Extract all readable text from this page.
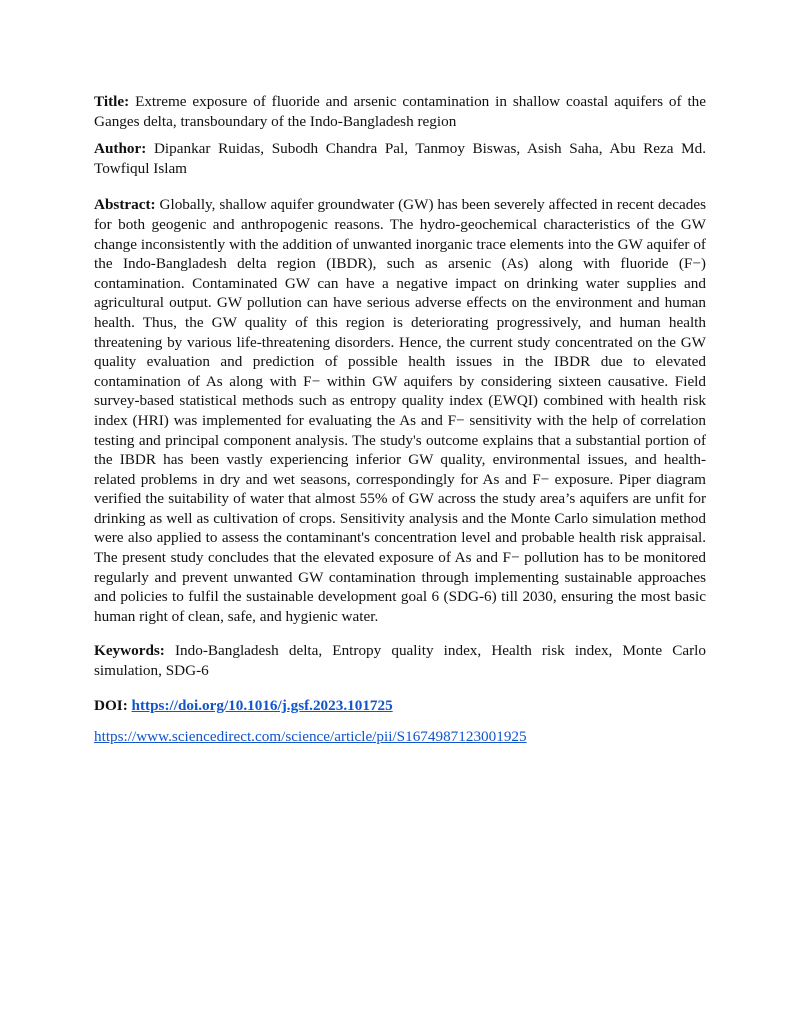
Title: Extreme exposure of fluoride and arsenic contamination in shallow coastal aquifers of the Ganges delta, transboundary of the Indo-Bangladesh region

Author: Dipankar Ruidas, Subodh Chandra Pal, Tanmoy Biswas, Asish Saha, Abu Reza Md. Towfiqul Islam

Abstract: Globally, shallow aquifer groundwater (GW) has been severely affected in recent decades for both geogenic and anthropogenic reasons. The hydro-geochemical characteristics of the GW change inconsistently with the addition of unwanted inorganic trace elements into the GW aquifer of the Indo-Bangladesh delta region (IBDR), such as arsenic (As) along with fluoride (F−) contamination. Contaminated GW can have a negative impact on drinking water supplies and agricultural output. GW pollution can have serious adverse effects on the environment and human health. Thus, the GW quality of this region is deteriorating progressively, and human health threatening by various life-threatening disorders. Hence, the current study concentrated on the GW quality evaluation and prediction of possible health issues in the IBDR due to elevated contamination of As along with F− within GW aquifers by considering sixteen causative. Field survey-based statistical methods such as entropy quality index (EWQI) combined with health risk index (HRI) was implemented for evaluating the As and F− sensitivity with the help of correlation testing and principal component analysis. The study's outcome explains that a substantial portion of the IBDR has been vastly experiencing inferior GW quality, environmental issues, and health-related problems in dry and wet seasons, correspondingly for As and F− exposure. Piper diagram verified the suitability of water that almost 55% of GW across the study area’s aquifers are unfit for drinking as well as cultivation of crops. Sensitivity analysis and the Monte Carlo simulation method were also applied to assess the contaminant's concentration level and probable health risk appraisal. The present study concludes that the elevated exposure of As and F− pollution has to be monitored regularly and prevent unwanted GW contamination through implementing sustainable approaches and policies to fulfil the sustainable development goal 6 (SDG-6) till 2030, ensuring the most basic human right of clean, safe, and hygienic water.

Keywords: Indo-Bangladesh delta, Entropy quality index, Health risk index, Monte Carlo simulation, SDG-6

DOI: https://doi.org/10.1016/j.gsf.2023.101725

https://www.sciencedirect.com/science/article/pii/S1674987123001925
